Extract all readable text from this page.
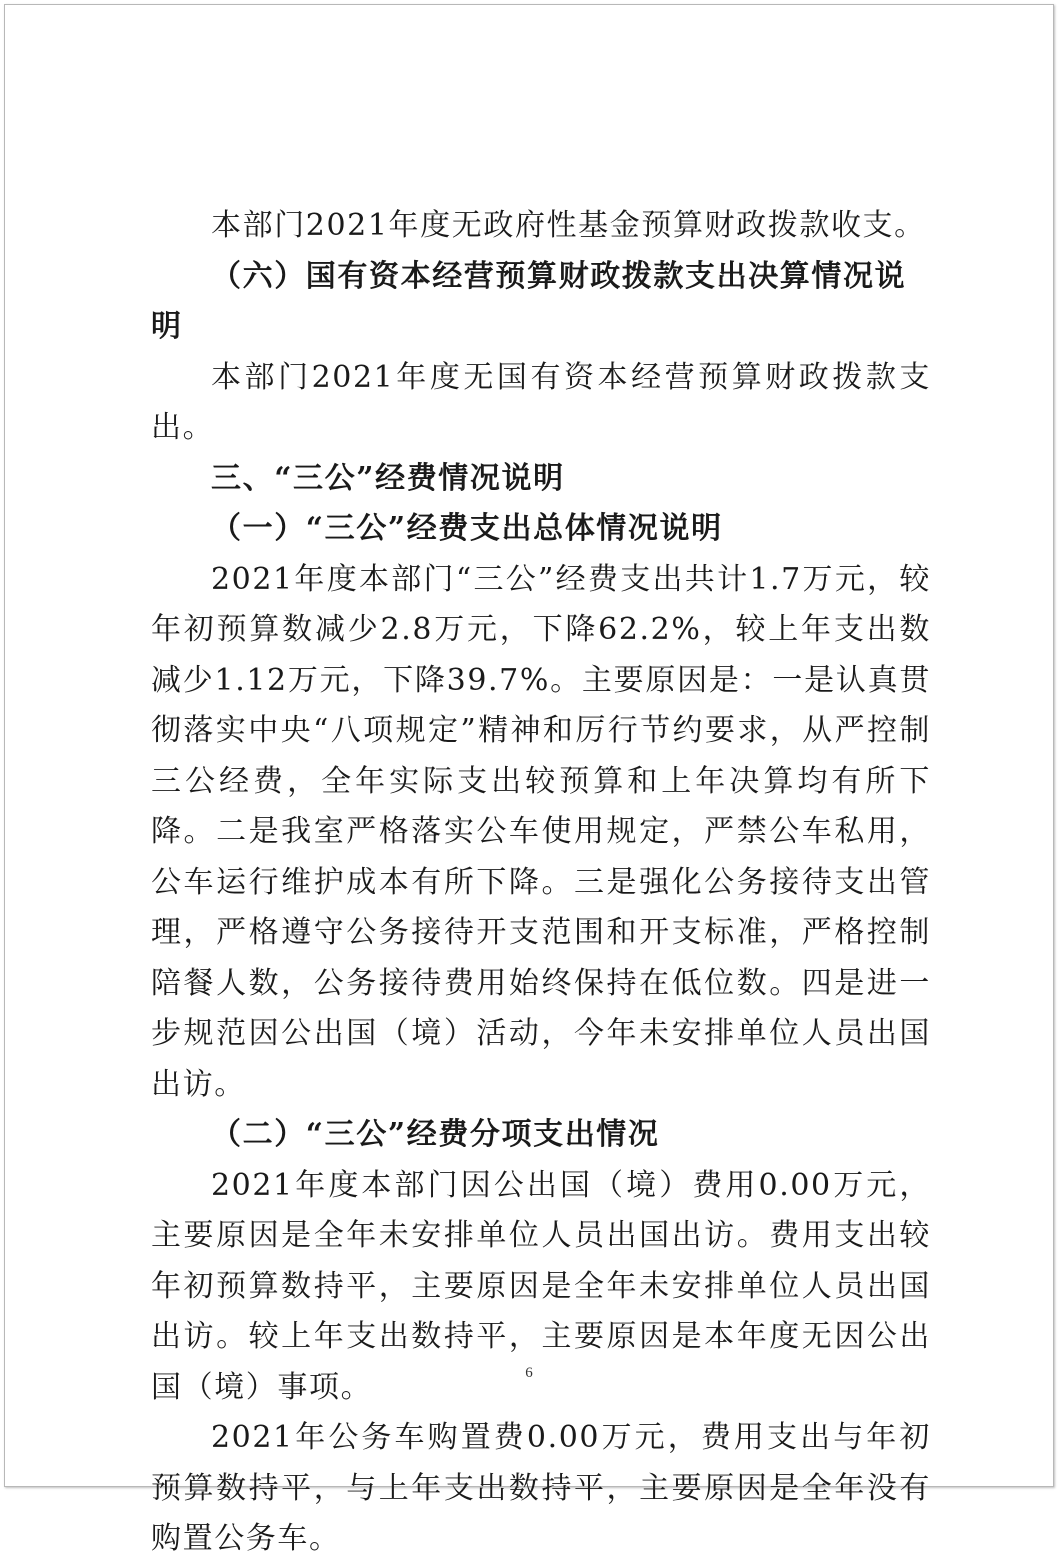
本部门2021年度无政府性基金预算财政拨款收支。

（六）国有资本经营预算财政拨款支出决算情况说明

本部门2021年度无国有资本经营预算财政拨款支出。

三、“三公”经费情况说明

（一）“三公”经费支出总体情况说明

2021年度本部门“三公”经费支出共计1.7万元，较年初预算数减少2.8万元，下降62.2%，较上年支出数减少1.12万元，下降39.7%。主要原因是：一是认真贯彻落实中央“八项规定”精神和厉行节约要求，从严控制三公经费，全年实际支出较预算和上年决算均有所下降。二是我室严格落实公车使用规定，严禁公车私用，公车运行维护成本有所下降。三是强化公务接待支出管理，严格遵守公务接待开支范围和开支标准，严格控制陪餐人数，公务接待费用始终保持在低位数。四是进一步规范因公出国（境）活动，今年未安排单位人员出国出访。

（二）“三公”经费分项支出情况

2021年度本部门因公出国（境）费用0.00万元，主要原因是全年未安排单位人员出国出访。费用支出较年初预算数持平，主要原因是全年未安排单位人员出国出访。较上年支出数持平，主要原因是本年度无因公出国（境）事项。

2021年公务车购置费0.00万元，费用支出与年初预算数持平，与上年支出数持平，主要原因是全年没有购置公务车。

6
